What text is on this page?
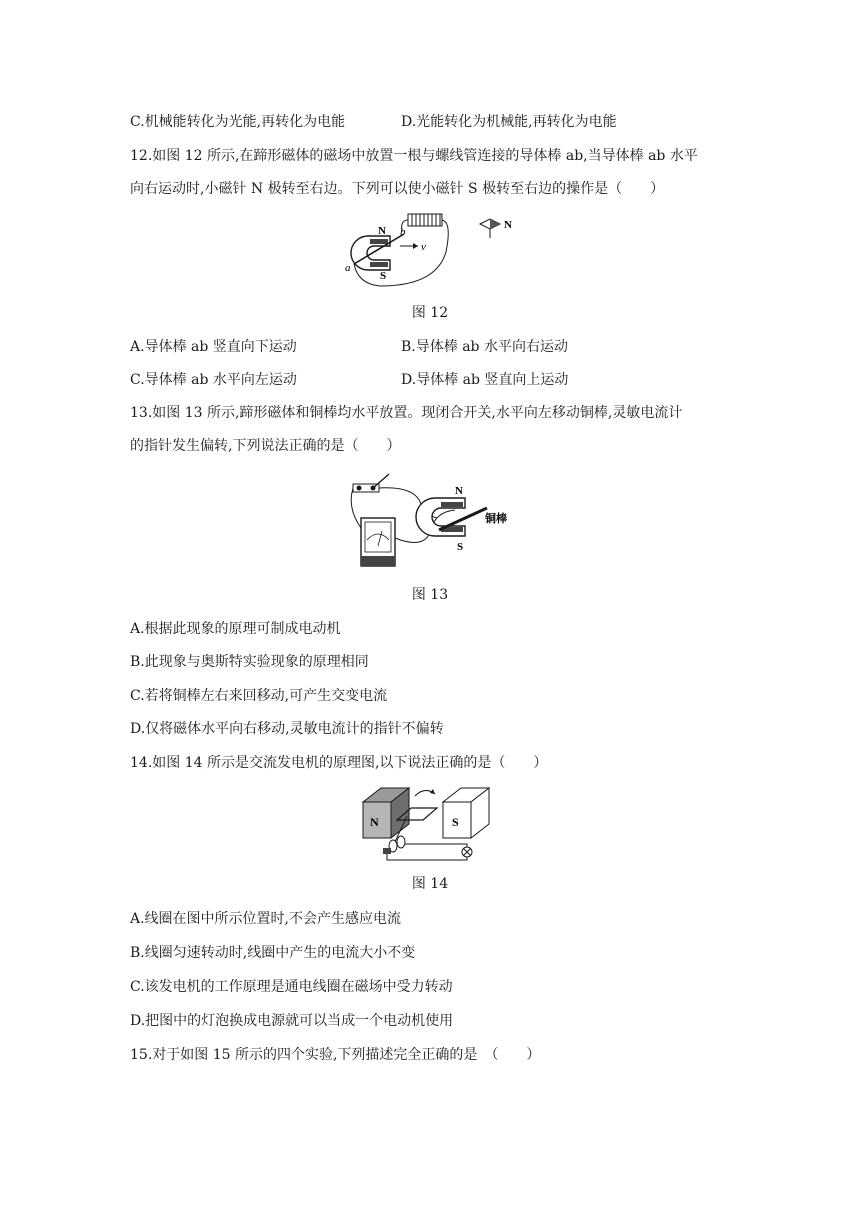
C.机械能转化为光能,再转化为电能	D.光能转化为机械能,再转化为电能
12.如图 12 所示,在蹄形磁体的磁场中放置一根与螺线管连接的导体棒 ab,当导体棒 ab 水平
向右运动时,小磁针 N 极转至右边。下列可以使小磁针 S 极转至右边的操作是（　　）
N
S
a
b
v
N
图 12
A.导体棒 ab 竖直向下运动	B.导体棒 ab 水平向右运动
C.导体棒 ab 水平向左运动	D.导体棒 ab 竖直向上运动
13.如图 13 所示,蹄形磁体和铜棒均水平放置。现闭合开关,水平向左移动铜棒,灵敏电流计
的指针发生偏转,下列说法正确的是（　　）
N
S
铜棒
图 13
A.根据此现象的原理可制成电动机
B.此现象与奥斯特实验现象的原理相同
C.若将铜棒左右来回移动,可产生交变电流
D.仅将磁体水平向右移动,灵敏电流计的指针不偏转
14.如图 14 所示是交流发电机的原理图,以下说法正确的是（　　）
N	S
图 14
A.线圈在图中所示位置时,不会产生感应电流
B.线圈匀速转动时,线圈中产生的电流大小不变
C.该发电机的工作原理是通电线圈在磁场中受力转动
D.把图中的灯泡换成电源就可以当成一个电动机使用
15.对于如图 15 所示的四个实验,下列描述完全正确的是　（　　）
